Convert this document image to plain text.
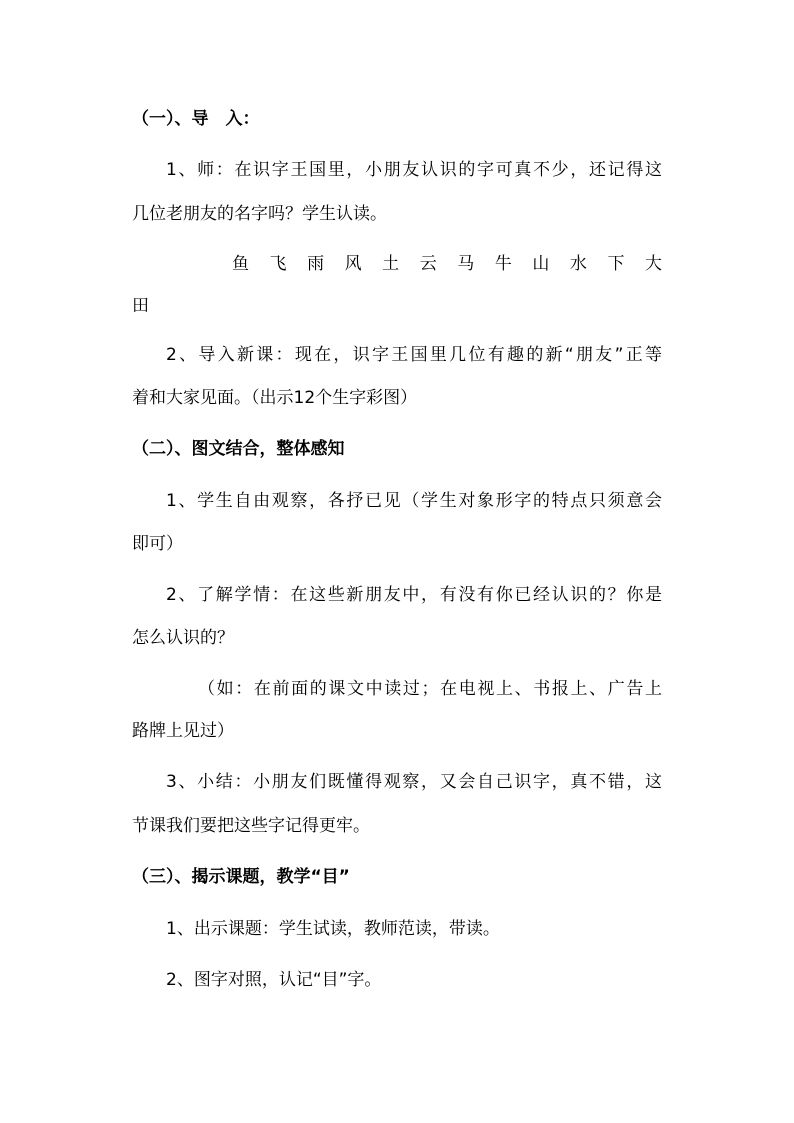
（一）、导　入：
1、师：在识字王国里，小朋友认识的字可真不少，还记得这
几位老朋友的名字吗？学生认读。
鱼　飞　雨　风　土　云　马　牛　山　水　下　大
田
2、导入新课：现在，识字王国里几位有趣的新“朋友”正等
着和大家见面。（出示12个生字彩图）
（二）、图文结合，整体感知
1、学生自由观察，各抒已见（学生对象形字的特点只须意会
即可）
2、了解学情：在这些新朋友中，有没有你已经认识的？你是
怎么认识的？
（如：在前面的课文中读过；在电视上、书报上、广告上
路牌上见过）
3、小结：小朋友们既懂得观察，又会自己识字，真不错，这
节课我们要把这些字记得更牢。
（三）、揭示课题，教学“目”
1、出示课题：学生试读，教师范读，带读。
2、图字对照，认记“目”字。
